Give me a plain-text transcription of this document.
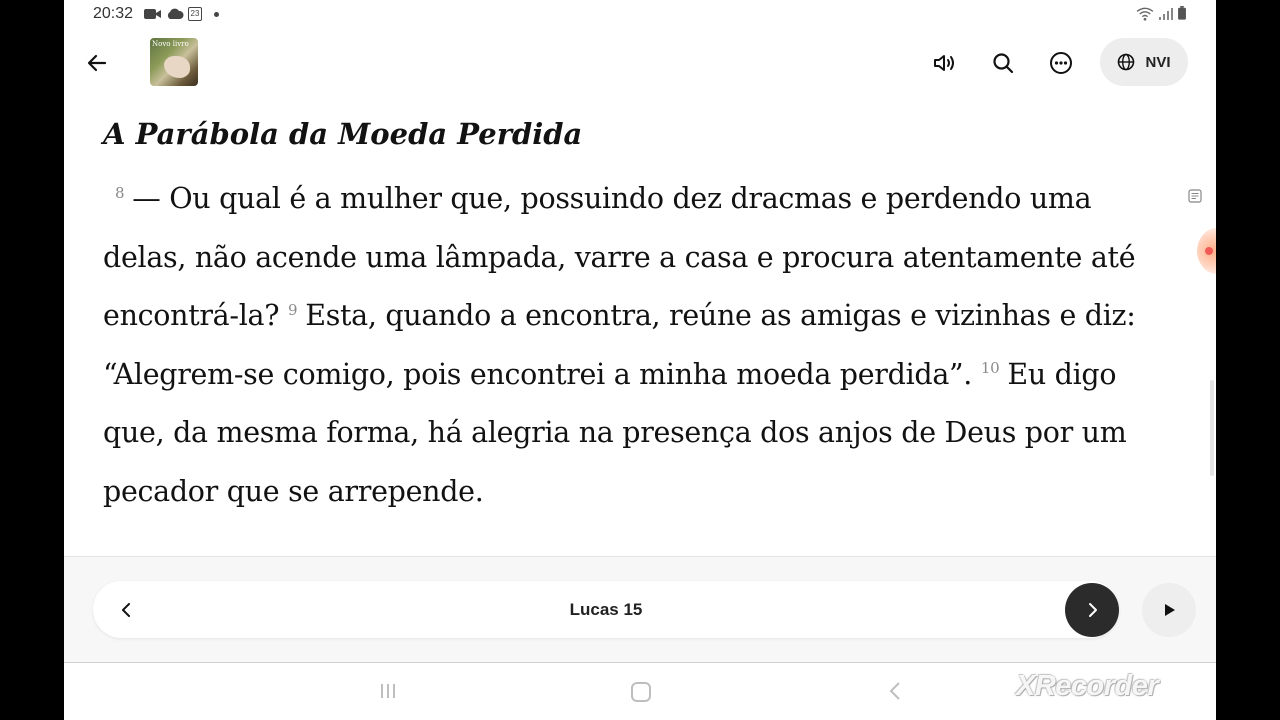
20:32	23
Novo livro
NVI
A Parábola da Moeda Perdida

$^8$ — Ou qual é a mulher que, possuindo dez dracmas e perdendo uma delas, não acende uma lâmpada, varre a casa e procura atentamente até encontrá-la? $^9$ Esta, quando a encontra, reúne as amigas e vizinhas e diz: “Alegrem-se comigo, pois encontrei a minha moeda perdida”. $^{10}$ Eu digo que, da mesma forma, há alegria na presença dos anjos de Deus por um pecador que se arrepende.

Lucas 15
XRecorder
